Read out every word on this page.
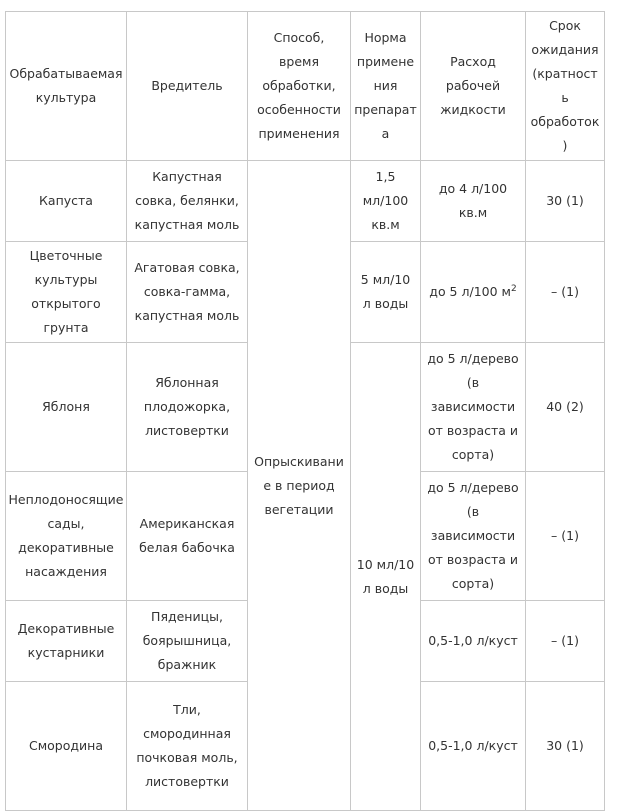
Обрабатываемая культура	Вредитель	Способ, время обработки, особенности применения	Норма применения препарата	Расход рабочей жидкости	Срок ожидания (кратность обработок)
Капуста	Капустная совка, белянки, капустная моль	Опрыскивание в период вегетации	1,5 мл/100 кв.м	до 4 л/100 кв.м	30 (1)
Цветочные культуры открытого грунта	Агатовая совка, совка-гамма, капустная моль		5 мл/10 л воды	до 5 л/100 $м^2$	– (1)
Яблоня	Яблонная плодожорка, листовертки		10 мл/10 л воды	до 5 л/дерево (в зависимости от возраста и сорта)	40 (2)
Неплодоносящие сады, декоративные насаждения	Американская белая бабочка			до 5 л/дерево (в зависимости от возраста и сорта)	– (1)
Декоративные кустарники	Пяденицы, боярышница, бражник			0,5-1,0 л/куст	– (1)
Смородина	Тли, смородинная почковая моль, листовертки			0,5-1,0 л/куст	30 (1)
